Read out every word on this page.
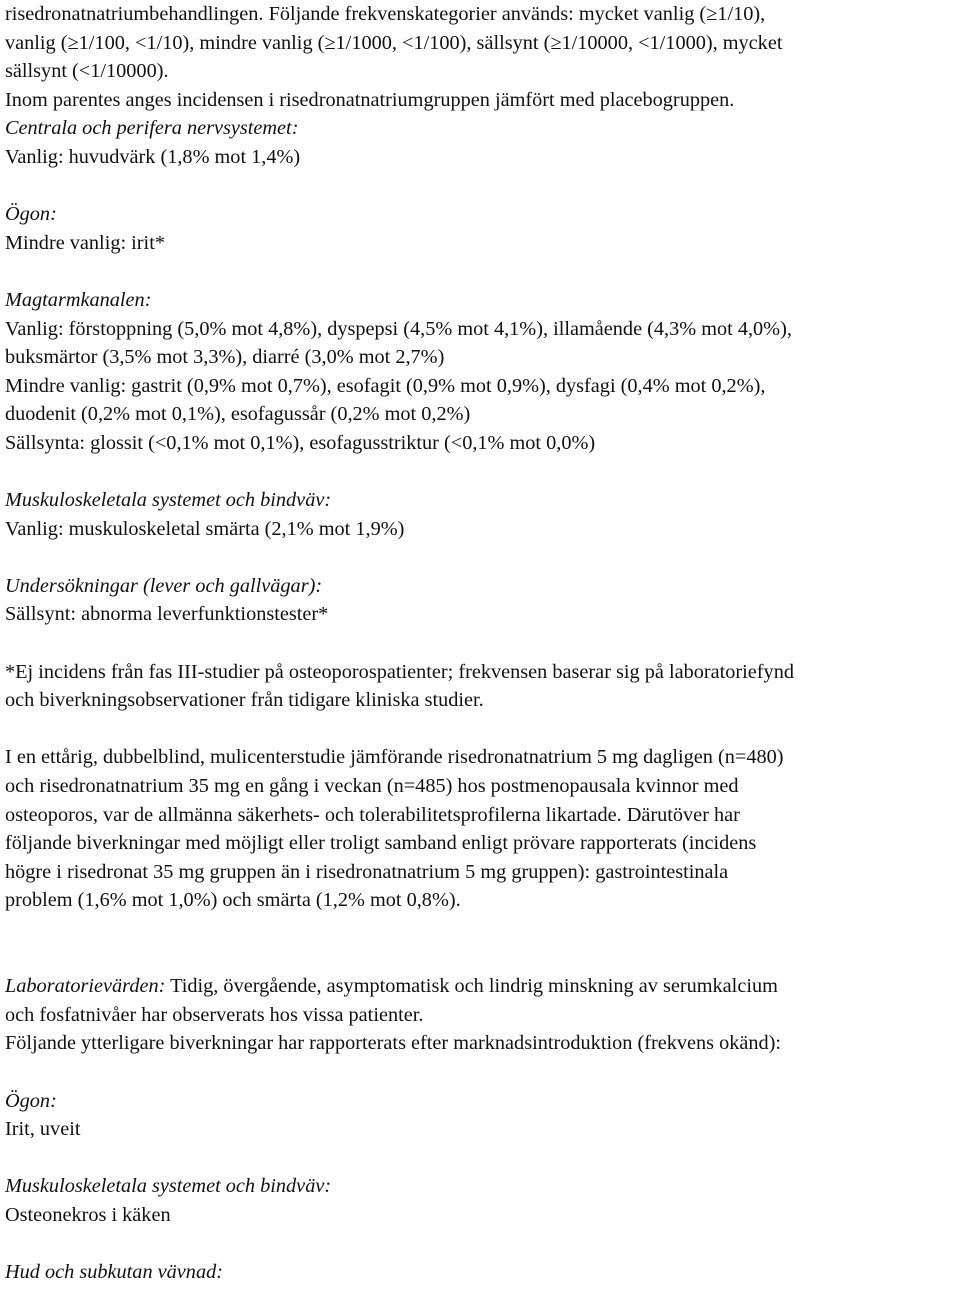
risedronatnatriumbehandlingen. Följande frekvenskategorier används: mycket vanlig (≥1/10),
vanlig (≥1/100, <1/10), mindre vanlig (≥1/1000, <1/100), sällsynt (≥1/10000, <1/1000), mycket
sällsynt (<1/10000).
Inom parentes anges incidensen i risedronatnatriumgruppen jämfört med placebogruppen.
Centrala och perifera nervsystemet:
Vanlig: huvudvärk (1,8% mot 1,4%)
Ögon:
Mindre vanlig: irit*
Magtarmkanalen:
Vanlig: förstoppning (5,0% mot 4,8%), dyspepsi (4,5% mot 4,1%), illamående (4,3% mot 4,0%),
buksmärtor (3,5% mot 3,3%), diarré (3,0% mot 2,7%)
Mindre vanlig: gastrit (0,9% mot 0,7%), esofagit (0,9% mot 0,9%), dysfagi (0,4% mot 0,2%),
duodenit (0,2% mot 0,1%), esofagussår (0,2% mot 0,2%)
Sällsynta: glossit (<0,1% mot 0,1%), esofagusstriktur (<0,1% mot 0,0%)
Muskuloskeletala systemet och bindväv:
Vanlig: muskuloskeletal smärta (2,1% mot 1,9%)
Undersökningar (lever och gallvägar):
Sällsynt: abnorma leverfunktionstester*
*Ej incidens från fas III-studier på osteoporospatienter; frekvensen baserar sig på laboratoriefynd
och biverkningsobservationer från tidigare kliniska studier.
I en ettårig, dubbelblind, mulicenterstudie jämförande risedronatnatrium 5 mg dagligen (n=480)
och risedronatnatrium 35 mg en gång i veckan (n=485) hos postmenopausala kvinnor med
osteoporos, var de allmänna säkerhets- och tolerabilitetsprofilerna likartade. Därutöver har
följande biverkningar med möjligt eller troligt samband enligt prövare rapporterats (incidens
högre i risedronat 35 mg gruppen än i risedronatnatrium 5 mg gruppen): gastrointestinala
problem (1,6% mot 1,0%) och smärta (1,2% mot 0,8%).
Laboratorievärden: Tidig, övergående, asymptomatisk och lindrig minskning av serumkalcium
och fosfatnivåer har observerats hos vissa patienter.
Följande ytterligare biverkningar har rapporterats efter marknadsintroduktion (frekvens okänd):
Ögon:
Irit, uveit
Muskuloskeletala systemet och bindväv:
Osteonekros i käken
Hud och subkutan vävnad:
